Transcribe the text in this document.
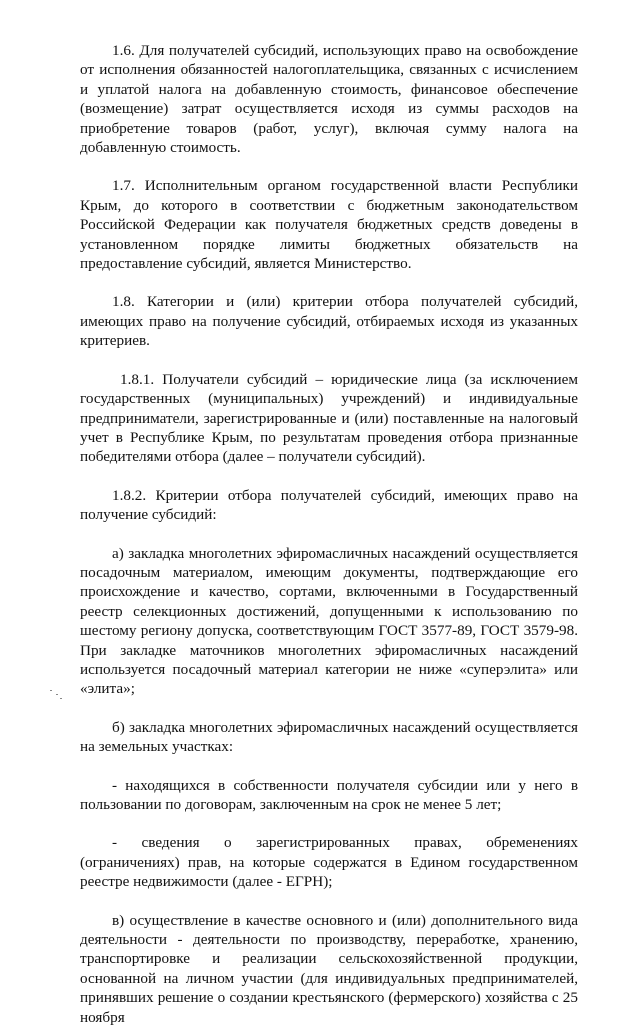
1.6. Для получателей субсидий, использующих право на освобождение от исполнения обязанностей налогоплательщика, связанных с исчислением и уплатой налога на добавленную стоимость, финансовое обеспечение (возмещение) затрат осуществляется исходя из суммы расходов на приобретение товаров (работ, услуг), включая сумму налога на добавленную стоимость.

1.7. Исполнительным органом государственной власти Республики Крым, до которого в соответствии с бюджетным законодательством Российской Федерации как получателя бюджетных средств доведены в установленном порядке лимиты бюджетных обязательств на предоставление субсидий, является Министерство.

1.8. Категории и (или) критерии отбора получателей субсидий, имеющих право на получение субсидий, отбираемых исходя из указанных критериев.

1.8.1. Получатели субсидий – юридические лица (за исключением государственных (муниципальных) учреждений) и индивидуальные предприниматели, зарегистрированные и (или) поставленные на налоговый учет в Республике Крым, по результатам проведения отбора признанные победителями отбора (далее – получатели субсидий).

1.8.2. Критерии отбора получателей субсидий, имеющих право на получение субсидий:

а) закладка многолетних эфиромасличных насаждений осуществляется посадочным материалом, имеющим документы, подтверждающие его происхождение и качество, сортами, включенными в Государственный реестр селекционных достижений, допущенными к использованию по шестому региону допуска, соответствующим ГОСТ 3577-89, ГОСТ 3579-98. При закладке маточников многолетних эфиромасличных насаждений используется посадочный материал категории не ниже «суперэлита» или «элита»;

б) закладка многолетних эфиромасличных насаждений осуществляется на земельных участках:

- находящихся в собственности получателя субсидии или у него в пользовании по договорам, заключенным на срок не менее 5 лет;

- сведения о зарегистрированных правах, обременениях (ограничениях) прав, на которые содержатся в Едином государственном реестре недвижимости (далее - ЕГРН);

в) осуществление в качестве основного и (или) дополнительного вида деятельности - деятельности по производству, переработке, хранению, транспортировке и реализации сельскохозяйственной продукции, основанной на личном участии (для индивидуальных предпринимателей, принявших решение о создании крестьянского (фермерского) хозяйства с 25 ноября
